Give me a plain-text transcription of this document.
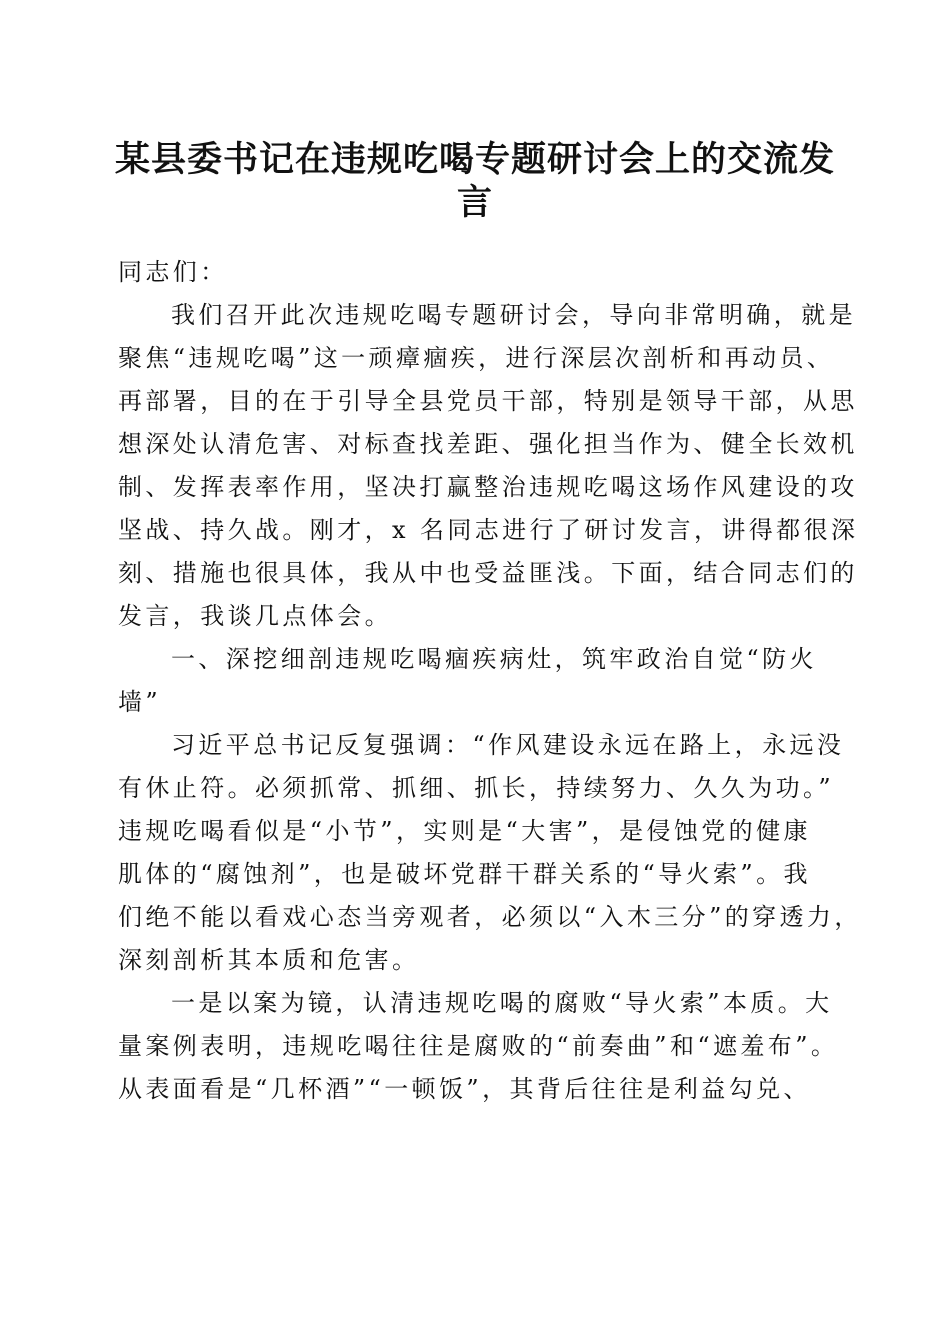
某县委书记在违规吃喝专题研讨会上的交流发
言
同志们：
我们召开此次违规吃喝专题研讨会，导向非常明确，就是
聚焦“违规吃喝”这一顽瘴痼疾，进行深层次剖析和再动员、
再部署，目的在于引导全县党员干部，特别是领导干部，从思
想深处认清危害、对标查找差距、强化担当作为、健全长效机
制、发挥表率作用，坚决打赢整治违规吃喝这场作风建设的攻
坚战、持久战。刚才，x 名同志进行了研讨发言，讲得都很深
刻、措施也很具体，我从中也受益匪浅。下面，结合同志们的
发言，我谈几点体会。
一、深挖细剖违规吃喝痼疾病灶，筑牢政治自觉“防火
墙”
习近平总书记反复强调：“作风建设永远在路上，永远没
有休止符。必须抓常、抓细、抓长，持续努力、久久为功。”
违规吃喝看似是“小节”，实则是“大害”，是侵蚀党的健康
肌体的“腐蚀剂”，也是破坏党群干群关系的“导火索”。我
们绝不能以看戏心态当旁观者，必须以“入木三分”的穿透力，
深刻剖析其本质和危害。
一是以案为镜，认清违规吃喝的腐败“导火索”本质。大
量案例表明，违规吃喝往往是腐败的“前奏曲”和“遮羞布”。
从表面看是“几杯酒”“一顿饭”，其背后往往是利益勾兑、
